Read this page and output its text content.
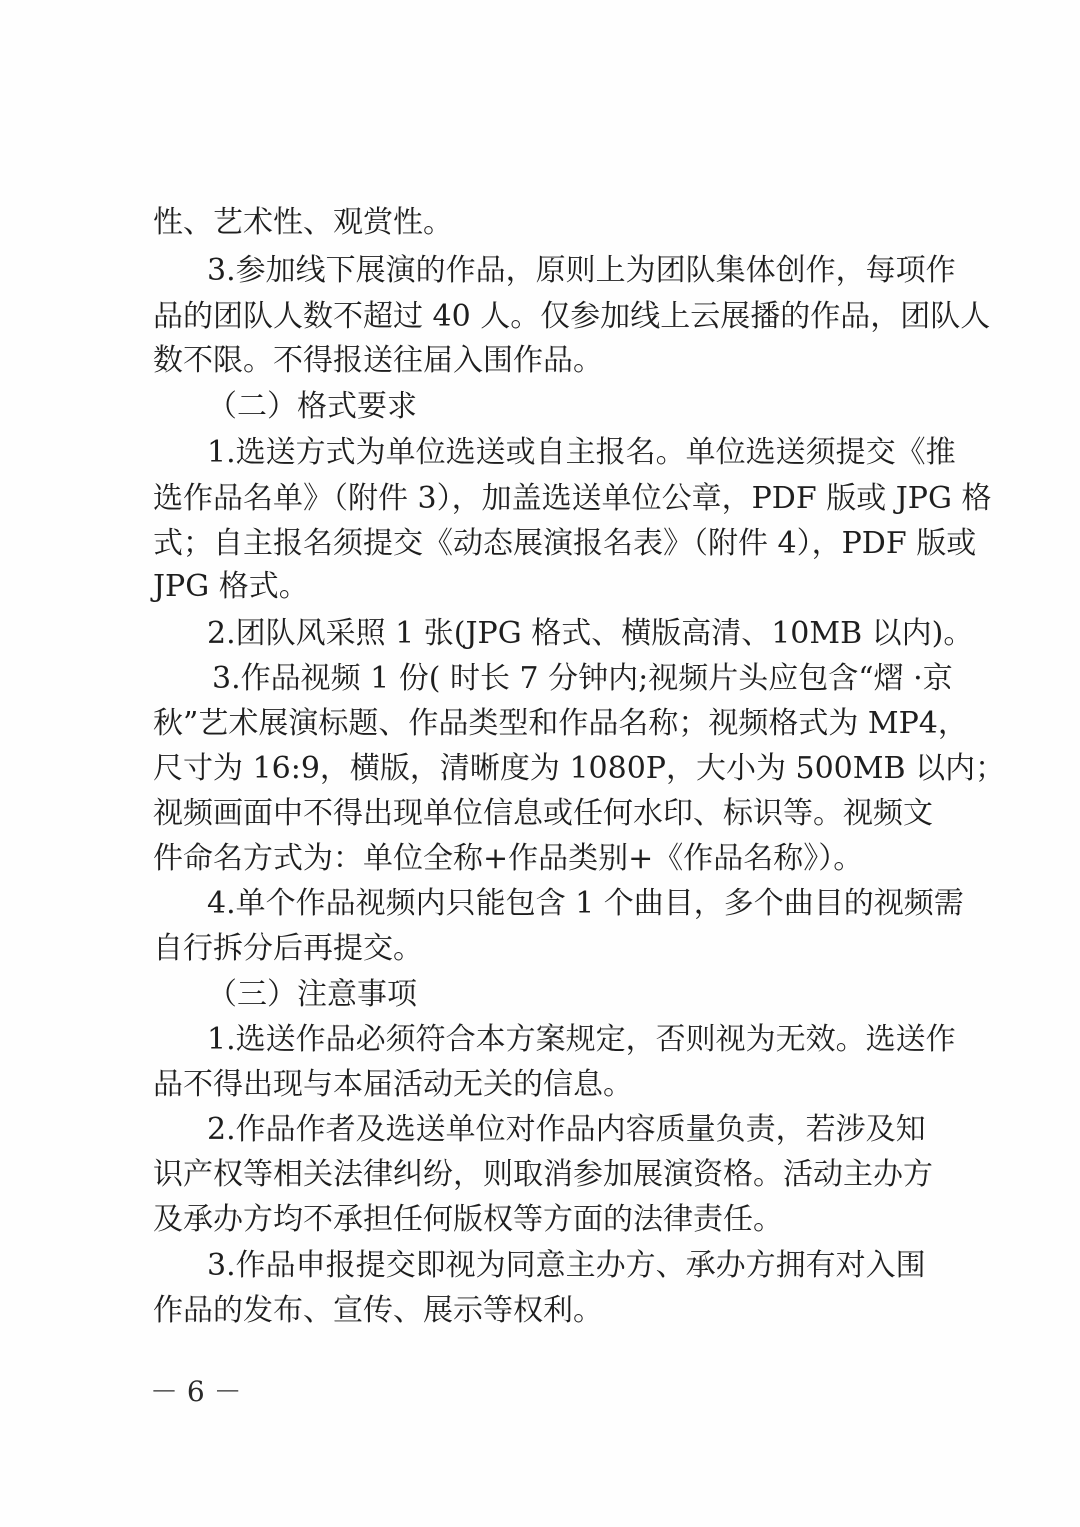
性、艺术性、观赏性。
3.参加线下展演的作品，原则上为团队集体创作，每项作
品的团队人数不超过 40 人。仅参加线上云展播的作品，团队人
数不限。不得报送往届入围作品。
（二）格式要求
1.选送方式为单位选送或自主报名。单位选送须提交《推
选作品名单》（附件 3），加盖选送单位公章，PDF 版或 JPG 格
式；自主报名须提交《动态展演报名表》（附件 4），PDF 版或
JPG 格式。
2.团队风采照 1 张(JPG 格式、横版高清、10MB 以内)。
3.作品视频 1 份( 时长 7 分钟内;视频片头应包含“熠 ·京
秋”艺术展演标题、作品类型和作品名称；视频格式为 MP4，
尺寸为 16:9，横版，清晰度为 1080P，大小为 500MB 以内；
视频画面中不得出现单位信息或任何水印、标识等。视频文
件命名方式为：单位全称+作品类别+《作品名称》）。
4.单个作品视频内只能包含 1 个曲目，多个曲目的视频需
自行拆分后再提交。
（三）注意事项
1.选送作品必须符合本方案规定，否则视为无效。选送作
品不得出现与本届活动无关的信息。
2.作品作者及选送单位对作品内容质量负责，若涉及知
识产权等相关法律纠纷，则取消参加展演资格。活动主办方
及承办方均不承担任何版权等方面的法律责任。
3.作品申报提交即视为同意主办方、承办方拥有对入围
作品的发布、宣传、展示等权利。
－ 6 －
